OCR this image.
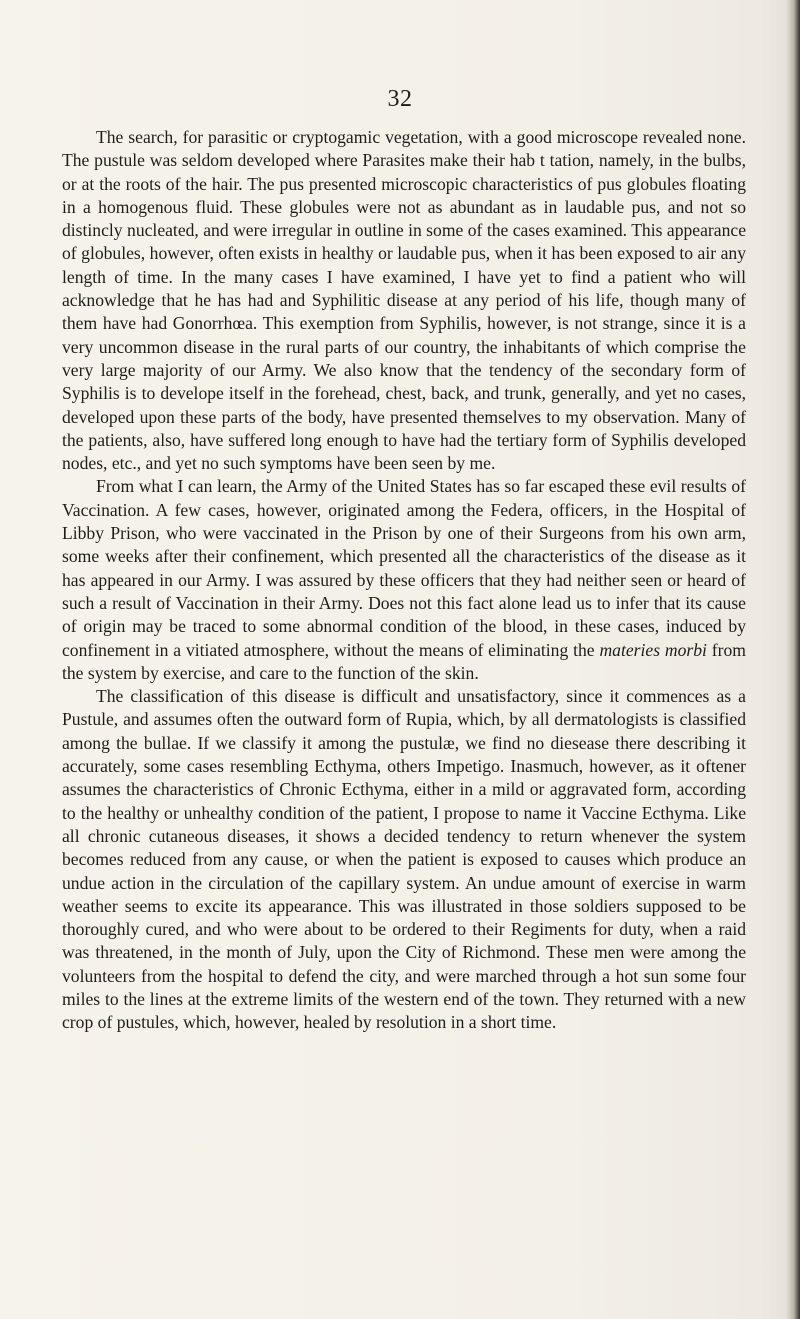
32

The search, for parasitic or cryptogamic vegetation, with a good microscope revealed none. The pustule was seldom developed where Parasites make their hab t tation, namely, in the bulbs, or at the roots of the hair. The pus presented microscopic characteristics of pus globules floating in a homogenous fluid. These globules were not as abundant as in laudable pus, and not so distincly nucleated, and were irregular in outline in some of the cases examined. This appearance of globules, however, often exists in healthy or laudable pus, when it has been exposed to air any length of time. In the many cases I have examined, I have yet to find a patient who will acknowledge that he has had and Syphilitic disease at any period of his life, though many of them have had Gonorrhœa. This exemption from Syphilis, however, is not strange, since it is a very uncommon disease in the rural parts of our country, the inhabitants of which comprise the very large majority of our Army. We also know that the tendency of the secondary form of Syphilis is to develope itself in the forehead, chest, back, and trunk, generally, and yet no cases, developed upon these parts of the body, have presented themselves to my observation. Many of the patients, also, have suffered long enough to have had the tertiary form of Syphilis developed nodes, etc., and yet no such symptoms have been seen by me.

From what I can learn, the Army of the United States has so far escaped these evil results of Vaccination. A few cases, however, originated among the Federa, officers, in the Hospital of Libby Prison, who were vaccinated in the Prison by one of their Surgeons from his own arm, some weeks after their confinement, which presented all the characteristics of the disease as it has appeared in our Army. I was assured by these officers that they had neither seen or heard of such a result of Vaccination in their Army. Does not this fact alone lead us to infer that its cause of origin may be traced to some abnormal condition of the blood, in these cases, induced by confinement in a vitiated atmosphere, without the means of eliminating the materies morbi from the system by exercise, and care to the function of the skin.

The classification of this disease is difficult and unsatisfactory, since it commences as a Pustule, and assumes often the outward form of Rupia, which, by all dermatologists is classified among the bullae. If we classify it among the pustulæ, we find no diesease there describing it accurately, some cases resembling Ecthyma, others Impetigo. Inasmuch, however, as it oftener assumes the characteristics of Chronic Ecthyma, either in a mild or aggravated form, according to the healthy or unhealthy condition of the patient, I propose to name it Vaccine Ecthyma. Like all chronic cutaneous diseases, it shows a decided tendency to return whenever the system becomes reduced from any cause, or when the patient is exposed to causes which produce an undue action in the circulation of the capillary system. An undue amount of exercise in warm weather seems to excite its appearance. This was illustrated in those soldiers supposed to be thoroughly cured, and who were about to be ordered to their Regiments for duty, when a raid was threatened, in the month of July, upon the City of Richmond. These men were among the volunteers from the hospital to defend the city, and were marched through a hot sun some four miles to the lines at the extreme limits of the western end of the town. They returned with a new crop of pustules, which, however, healed by resolution in a short time.
